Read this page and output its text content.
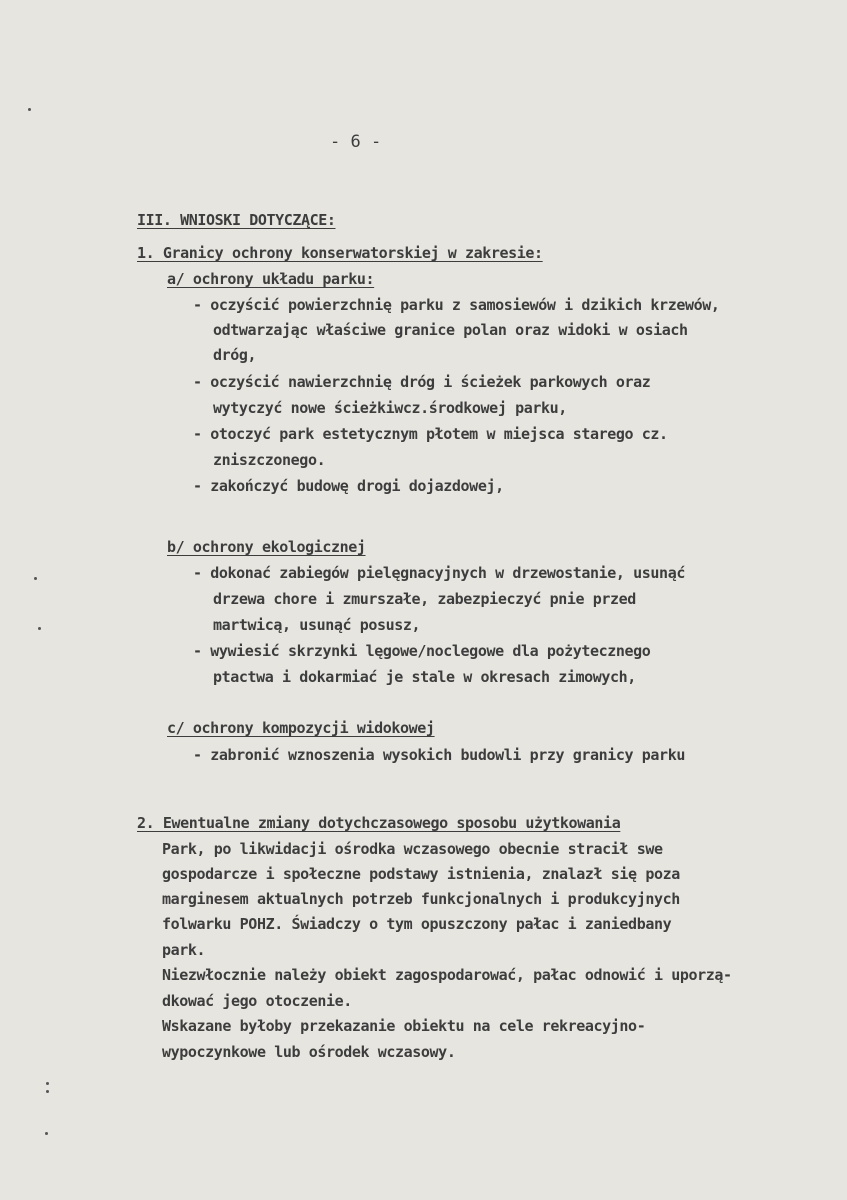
- 6 -
III. WNIOSKI DOTYCZĄCE:
1. Granicy ochrony konserwatorskiej w zakresie:
a/ ochrony układu parku:
- oczyścić powierzchnię parku z samosiewów i dzikich krzewów,
odtwarzając właściwe granice polan oraz widoki w osiach
dróg,
- oczyścić nawierzchnię dróg i ścieżek parkowych oraz
wytyczyć nowe ścieżkiwcz.środkowej parku,
- otoczyć park estetycznym płotem w miejsca starego cz.
zniszczonego.
- zakończyć budowę drogi dojazdowej,
b/ ochrony ekologicznej
- dokonać zabiegów pielęgnacyjnych w drzewostanie, usunąć
drzewa chore i zmurszałe, zabezpieczyć pnie przed
martwicą, usunąć posusz,
- wywiesić skrzynki lęgowe/noclegowe dla pożytecznego
ptactwa i dokarmiać je stale w okresach zimowych,
c/ ochrony kompozycji widokowej
- zabronić wznoszenia wysokich budowli przy granicy parku
2. Ewentualne zmiany dotychczasowego sposobu użytkowania
Park, po likwidacji ośrodka wczasowego obecnie stracił swe
gospodarcze i społeczne podstawy istnienia, znalazł się poza
marginesem aktualnych potrzeb funkcjonalnych i produkcyjnych
folwarku POHZ. Świadczy o tym opuszczony pałac i zaniedbany
park.
Niezwłocznie należy obiekt zagospodarować, pałac odnowić i uporzą-
dkować jego otoczenie.
Wskazane byłoby przekazanie obiektu na cele rekreacyjno-
wypoczynkowe lub ośrodek wczasowy.
